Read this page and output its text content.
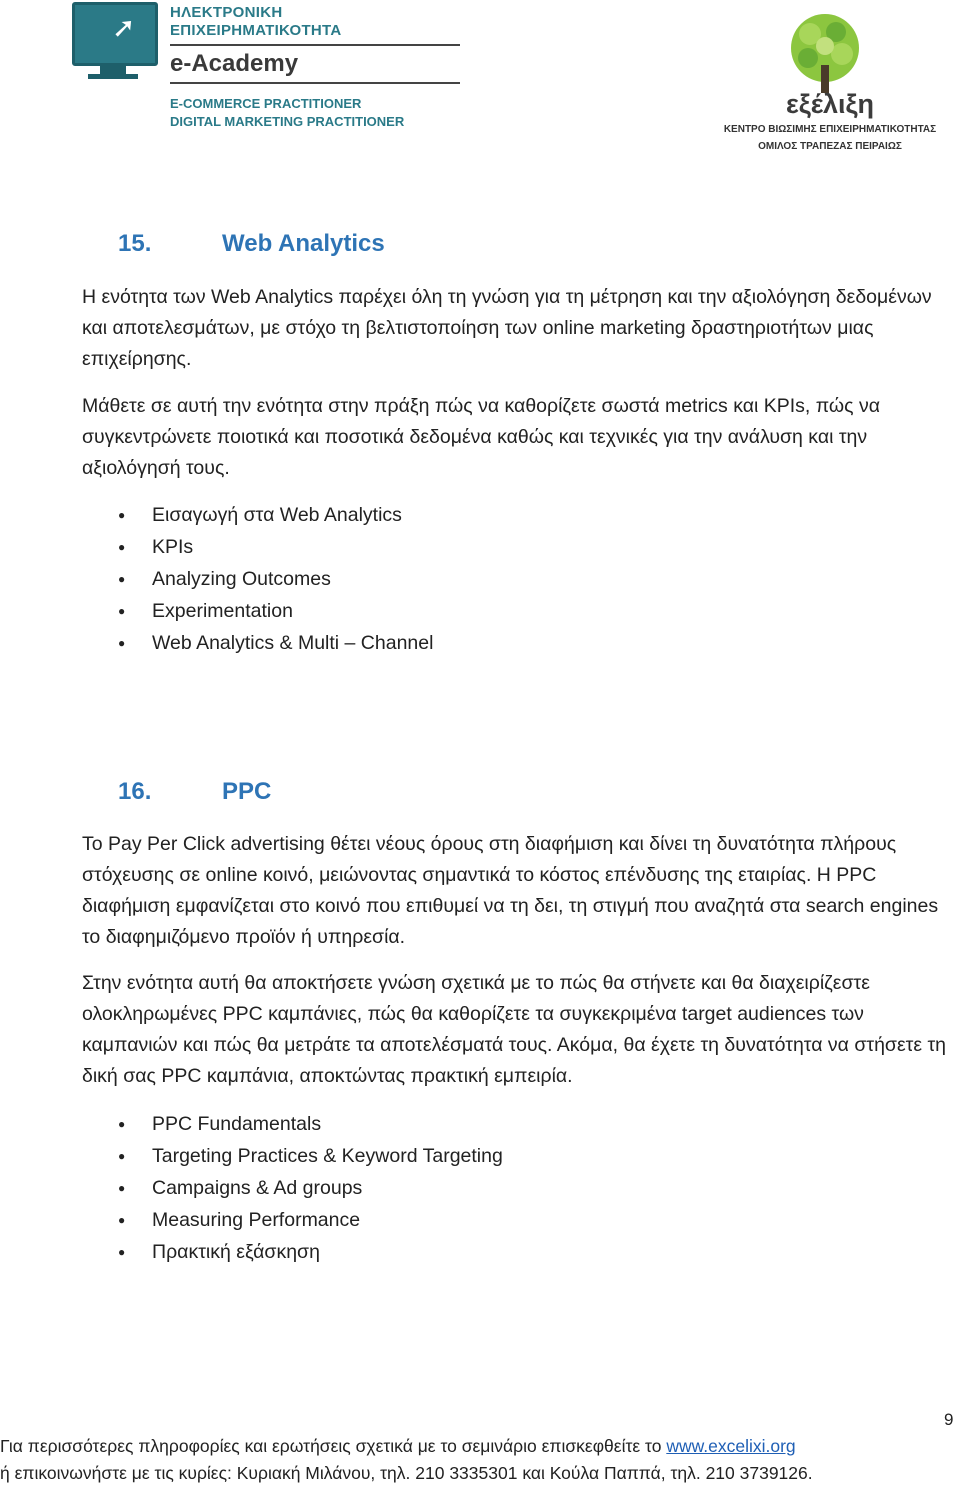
➚ ΗΛΕΚΤΡΟΝΙΚΗ
ΕΠΙΧΕΙΡΗΜΑΤΙΚΟΤΗΤΑ
e-Academy
E-COMMERCE PRACTITIONER
DIGITAL MARKETING PRACTITIONER
εξέλιξη
ΚΕΝΤΡΟ ΒΙΩΣΙΜΗΣ ΕΠΙΧΕΙΡΗΜΑΤΙΚΟΤΗΤΑΣ
ΟΜΙΛΟΣ ΤΡΑΠΕΖΑΣ ΠΕΙΡΑΙΩΣ
15.	Web Analytics

Η ενότητα των Web Analytics παρέχει όλη τη γνώση για τη μέτρηση και την αξιολόγηση δεδομένων και αποτελεσμάτων, με στόχο τη βελτιστοποίηση των online marketing δραστηριοτήτων μιας επιχείρησης.

Μάθετε σε αυτή την ενότητα στην πράξη πώς να καθορίζετε σωστά metrics και KPIs, πώς να συγκεντρώνετε ποιοτικά και ποσοτικά δεδομένα καθώς και τεχνικές για την ανάλυση και την αξιολόγησή τους.

● Εισαγωγή στα Web Analytics
● KPIs
● Analyzing Outcomes
● Experimentation
● Web Analytics & Multi – Channel
16.	PPC

Το Pay Per Click advertising θέτει νέους όρους στη διαφήμιση και δίνει τη δυνατότητα πλήρους στόχευσης σε online κοινό, μειώνοντας σημαντικά το κόστος επένδυσης της εταιρίας. Η PPC διαφήμιση εμφανίζεται στο κοινό που επιθυμεί να τη δει, τη στιγμή που αναζητά στα search engines το διαφημιζόμενο προϊόν ή υπηρεσία.

Στην ενότητα αυτή θα αποκτήσετε γνώση σχετικά με το πώς θα στήνετε και θα διαχειρίζεστε ολοκληρωμένες PPC καμπάνιες, πώς θα καθορίζετε τα συγκεκριμένα target audiences των καμπανιών και πώς θα μετράτε τα αποτελέσματά τους. Ακόμα, θα έχετε τη δυνατότητα να στήσετε τη δική σας PPC καμπάνια, αποκτώντας πρακτική εμπειρία.

● PPC Fundamentals
● Targeting Practices & Keyword Targeting
● Campaigns & Ad groups
● Measuring Performance
● Πρακτική εξάσκηση
9
Για περισσότερες πληροφορίες και ερωτήσεις σχετικά με το σεμινάριο επισκεφθείτε το www.excelixi.org
ή επικοινωνήστε με τις κυρίες: Κυριακή Μιλάνου, τηλ. 210 3335301 και Κούλα Παππά, τηλ. 210 3739126.
